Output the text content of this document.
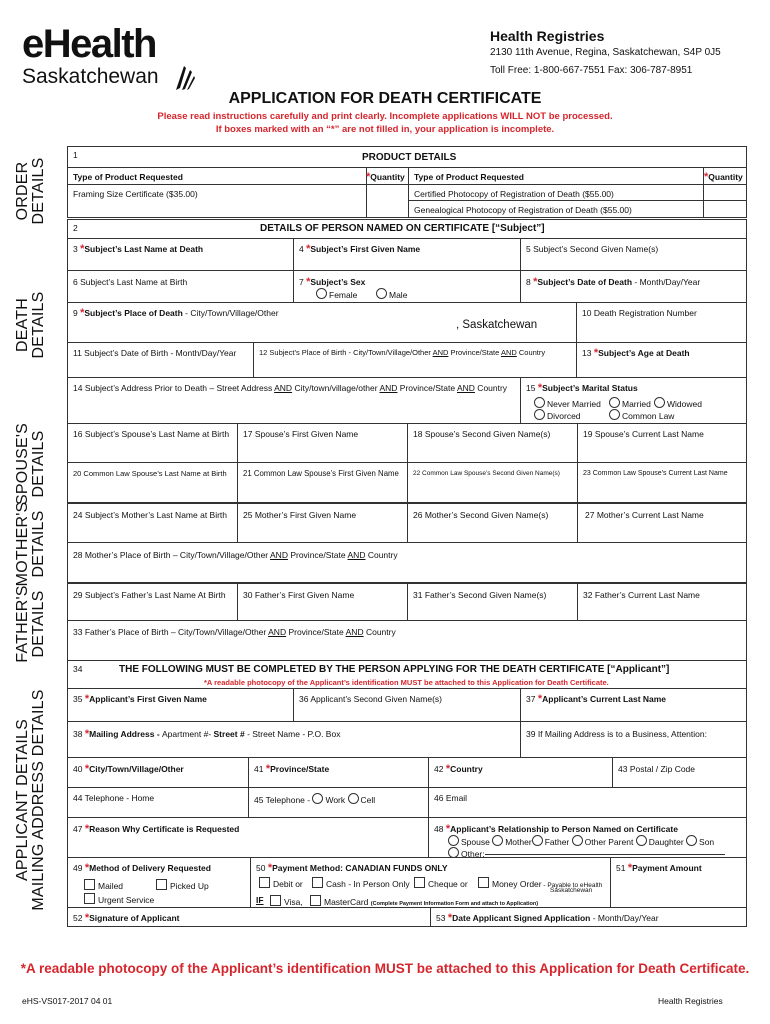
eHealth
Saskatchewan
Health Registries
2130 11th Avenue, Regina, Saskatchewan, S4P 0J5
Toll Free: 1-800-667-7551 Fax: 306-787-8951
APPLICATION FOR DEATH CERTIFICATE
Please read instructions carefully and print clearly. Incomplete applications WILL NOT be processed.
If boxes marked with an “*” are not filled in, your application is incomplete.
ORDER DETAILS
DEATH DETAILS
SPOUSE'S DETAILS
MOTHER'S DETAILS
FATHER'S DETAILS
APPLICANT DETAILS MAILING ADDRESS DETAILS
1	PRODUCT DETAILS
Type of Product Requested	*Quantity	Type of Product Requested	*Quantity
Framing Size Certificate ($35.00)	Certified Photocopy of Registration of Death ($55.00)
Genealogical Photocopy of Registration of Death ($55.00)
2	DETAILS OF PERSON NAMED ON CERTIFICATE [“Subject”]
3 *Subject’s Last Name at Death	4 *Subject’s First Given Name	5 Subject’s Second Given Name(s)
6 Subject’s Last Name at Birth	7 *Subject’s Sex
Female	Male
8 *Subject’s Date of Death - Month/Day/Year
9 *Subject’s Place of Death - City/Town/Village/Other
, Saskatchewan
10 Death Registration Number
11 Subject’s Date of Birth - Month/Day/Year	12 Subject’s Place of Birth - City/Town/Village/Other AND Province/State AND Country	13 *Subject’s Age at Death
14 Subject’s Address Prior to Death – Street Address AND City/town/village/other AND Province/State AND Country	15 *Subject’s Marital Status
Never Married	Married	Widowed
Divorced	Common Law
16 Subject’s Spouse’s Last Name at Birth	17 Spouse’s First Given Name	18 Spouse’s Second Given Name(s)	19 Spouse’s Current Last Name
20 Common Law Spouse’s Last Name at Birth	21 Common Law Spouse’s First Given Name	22 Common Law Spouse’s Second Given Name(s)	23 Common Law Spouse’s Current Last Name
24 Subject’s Mother’s Last Name at Birth	25 Mother’s First Given Name	26 Mother’s Second Given Name(s)	27 Mother’s Current Last Name
28 Mother’s Place of Birth – City/Town/Village/Other AND Province/State AND Country
29 Subject’s Father’s Last Name At Birth	30 Father’s First Given Name	31 Father’s Second Given Name(s)	32 Father’s Current Last Name
33 Father’s Place of Birth – City/Town/Village/Other AND Province/State AND Country
34	THE FOLLOWING MUST BE COMPLETED BY THE PERSON APPLYING FOR THE DEATH CERTIFICATE [“Applicant”]
*A readable photocopy of the Applicant’s identification MUST be attached to this Application for Death Certificate.
35 *Applicant’s First Given Name	36 Applicant’s Second Given Name(s)	37 *Applicant’s Current Last Name
38 *Mailing Address - Apartment #- Street # - Street Name - P.O. Box	39 If Mailing Address is to a Business, Attention:
40 *City/Town/Village/Other	41 *Province/State	42 *Country	43 Postal / Zip Code
44 Telephone - Home	45 Telephone - Work Cell	46 Email
47 *Reason Why Certificate is Requested	48 *Applicant’s Relationship to Person Named on Certificate
Spouse Mother Father Other Parent Daughter Son
Other:
49 *Method of Delivery Requested
Mailed	Picked Up
Urgent Service
50 *Payment Method: CANADIAN FUNDS ONLY
Debit or	Cash - In Person Only	Cheque or	Money Order - Payable to eHealth
Saskatchewan
IF	Visa,	MasterCard (Complete Payment Information Form and attach to Application)
51 *Payment Amount
52 *Signature of Applicant	53 *Date Applicant Signed Application - Month/Day/Year
*A readable photocopy of the Applicant’s identification MUST be attached to this Application for Death Certificate.
eHS-VS017-2017 04 01	Health Registries
